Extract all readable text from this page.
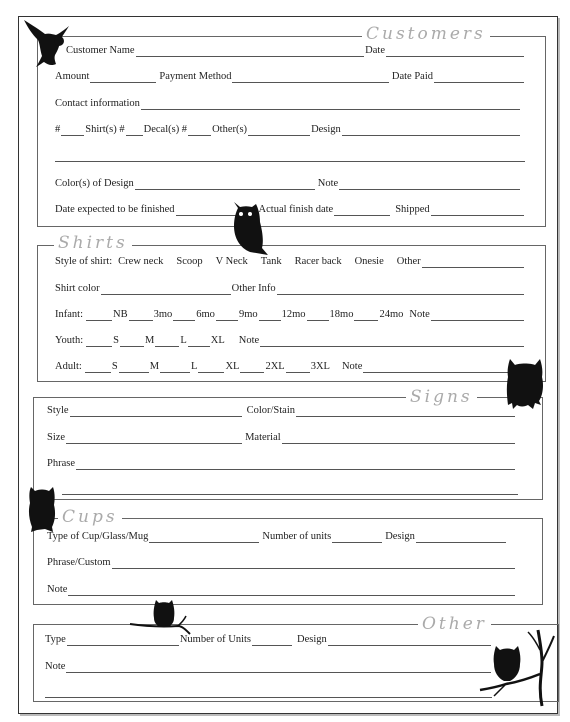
Customers
Customer Name	Date
Amount	Payment Method	Date Paid
Contact information
# Shirt(s) # Decal(s) # Other(s)	Design
Color(s) of Design	Note
Date expected to be finished	Actual finish date	Shipped
Shirts
Style of shirt: Crew neck Scoop V Neck Tank Racer back Onesie Other
Shirt color	Other Info
Infant:	NB 3mo 6mo 9mo 12mo 18mo 24mo Note
Youth:	S M L XL Note
Adult:	S	M	L	XL 2XL 3XL Note
Signs
Style	Color/Stain
Size	Material
Phrase
Cups
Type of Cup/Glass/Mug	Number of units	Design
Phrase/Custom
Note
Other
Type	Number of Units	Design
Note
